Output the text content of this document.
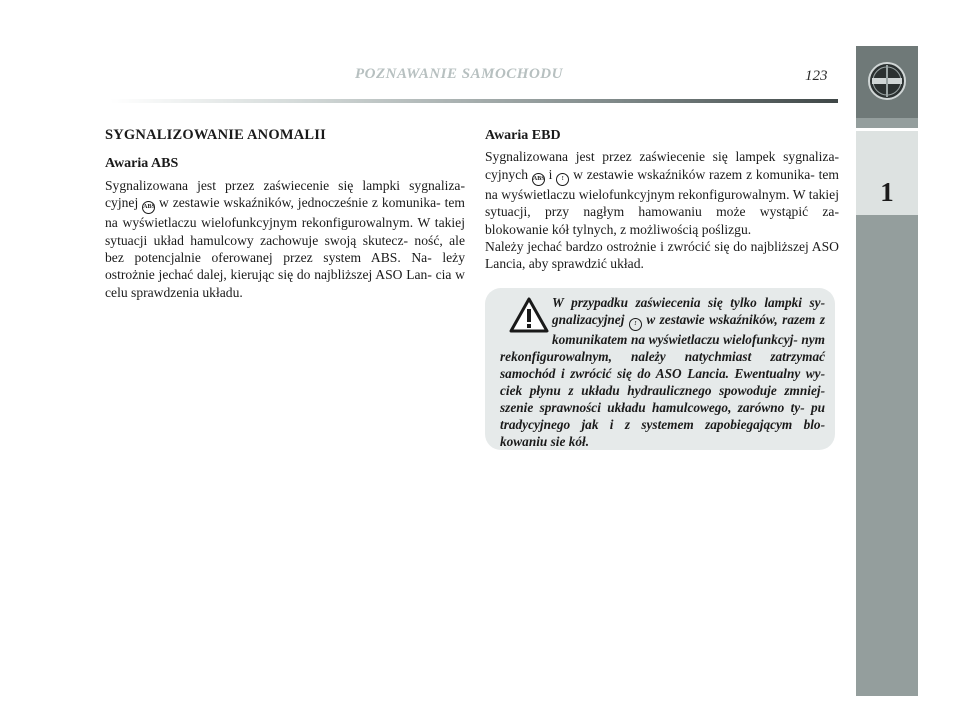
POZNAWANIE SAMOCHODU	123
1
SYGNALIZOWANIE ANOMALII
Awaria ABS

Sygnalizowana jest przez zaświecenie się lampki sygnaliza- cyjnej ABS w zestawie wskaźników, jednocześnie z komunika- tem na wyświetlaczu wielofunkcyjnym rekonfigurowalnym. W takiej sytuacji układ hamulcowy zachowuje swoją skutecz- ność, ale bez potencjalnie oferowanej przez system ABS. Na- leży ostrożnie jechać dalej, kierując się do najbliższej ASO Lan- cia w celu sprawdzenia układu.

Awaria EBD

Sygnalizowana jest przez zaświecenie się lampek sygnaliza- cyjnych ABS i ! w zestawie wskaźników razem z komunika- tem na wyświetlaczu wielofunkcyjnym rekonfigurowalnym. W takiej sytuacji, przy nagłym hamowaniu może wystąpić za- blokowanie kół tylnych, z możliwością poślizgu.

Należy jechać bardzo ostrożnie i zwrócić się do najbliższej ASO Lancia, aby sprawdzić układ.

W przypadku zaświecenia się tylko lampki sy- gnalizacyjnej ! w zestawie wskaźników, razem z komunikatem na wyświetlaczu wielofunkcyj- nym rekonfigurowalnym, należy natychmiast zatrzymać samochód i zwrócić się do ASO Lancia. Ewentualny wy- ciek płynu z układu hydraulicznego spowoduje zmniej- szenie sprawności układu hamulcowego, zarówno ty- pu tradycyjnego jak i z systemem zapobiegającym blo- kowaniu sie kół.
